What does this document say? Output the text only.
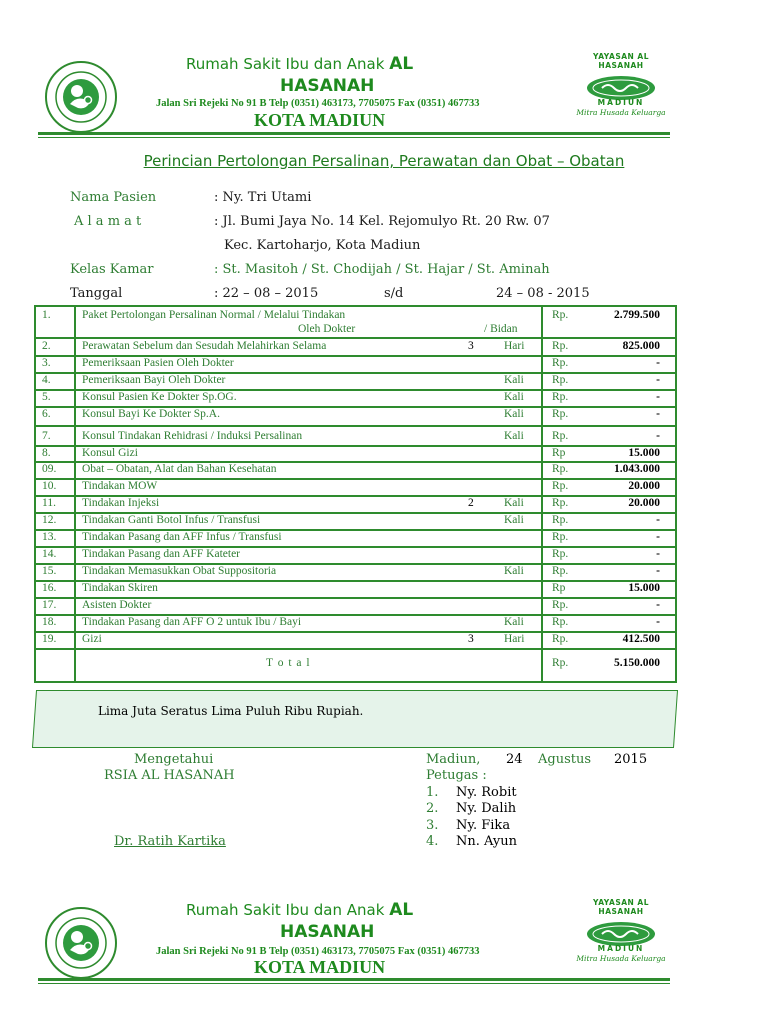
YAYASAN AL HASANAH
MADIUN
Mitra Husada Keluarga
Rumah Sakit Ibu dan Anak AL
HASANAH
Jalan Sri Rejeki No 91 B Telp (0351) 463173, 7705075 Fax (0351) 467733
KOTA MADIUN
Perincian Pertolongan Persalinan, Perawatan dan Obat – Obatan
Nama Pasien	: Ny. Tri Utami
A l a m a t	: Jl. Bumi Jaya No. 14 Kel. Rejomulyo Rt. 20 Rw. 07
Kec. Kartoharjo, Kota Madiun
Kelas Kamar	: St. Masitoh / St. Chodijah / St. Hajar / St. Aminah
Tanggal	: 22 – 08 – 2015	s/d	24 – 08 - 2015
1.	Paket Pertolongan Persalinan Normal / Melalui Tindakan
Oleh Dokter	/ Bidan
Rp.	2.799.500
2.	Perawatan Sebelum dan Sesudah Melahirkan Selama	3	Hari Rp.	825.000
3.	Pemeriksaan Pasien Oleh Dokter	Rp.	-
4.	Pemeriksaan Bayi Oleh Dokter	Kali Rp.	-
5.	Konsul Pasien Ke Dokter Sp.OG.	Kali Rp.	-
6.	Konsul Bayi Ke Dokter Sp.A.	Kali Rp.	-
7.	Konsul Tindakan Rehidrasi / Induksi Persalinan	Kali Rp.	-
8.	Konsul Gizi	Rp	15.000
09. Obat – Obatan, Alat dan Bahan Kesehatan	Rp.	1.043.000
10. Tindakan MOW	Rp.	20.000
11. Tindakan Injeksi	2	Kali Rp.	20.000
12. Tindakan Ganti Botol Infus / Transfusi	Kali Rp.	-
13. Tindakan Pasang dan AFF Infus / Transfusi	Rp.	-
14. Tindakan Pasang dan AFF Kateter	Rp.	-
15. Tindakan Memasukkan Obat Suppositoria	Kali Rp.	-
16. Tindakan Skiren	Rp	15.000
17. Asisten Dokter	Rp.	-
18. Tindakan Pasang dan AFF O 2 untuk Ibu / Bayi	Kali Rp.	-
19. Gizi	3	Hari Rp.	412.500
T o t a l	Rp.	5.150.000
Lima Juta Seratus Lima Puluh Ribu Rupiah.
Mengetahui
RSIA AL HASANAH
Dr. Ratih Kartika
Madiun, 24 Agustus 2015
Petugas :
1. Ny. Robit
2. Ny. Dalih
3. Ny. Fika
4. Nn. Ayun
YAYASAN AL HASANAH
MADIUN
Mitra Husada Keluarga
Rumah Sakit Ibu dan Anak AL
HASANAH
Jalan Sri Rejeki No 91 B Telp (0351) 463173, 7705075 Fax (0351) 467733
KOTA MADIUN
